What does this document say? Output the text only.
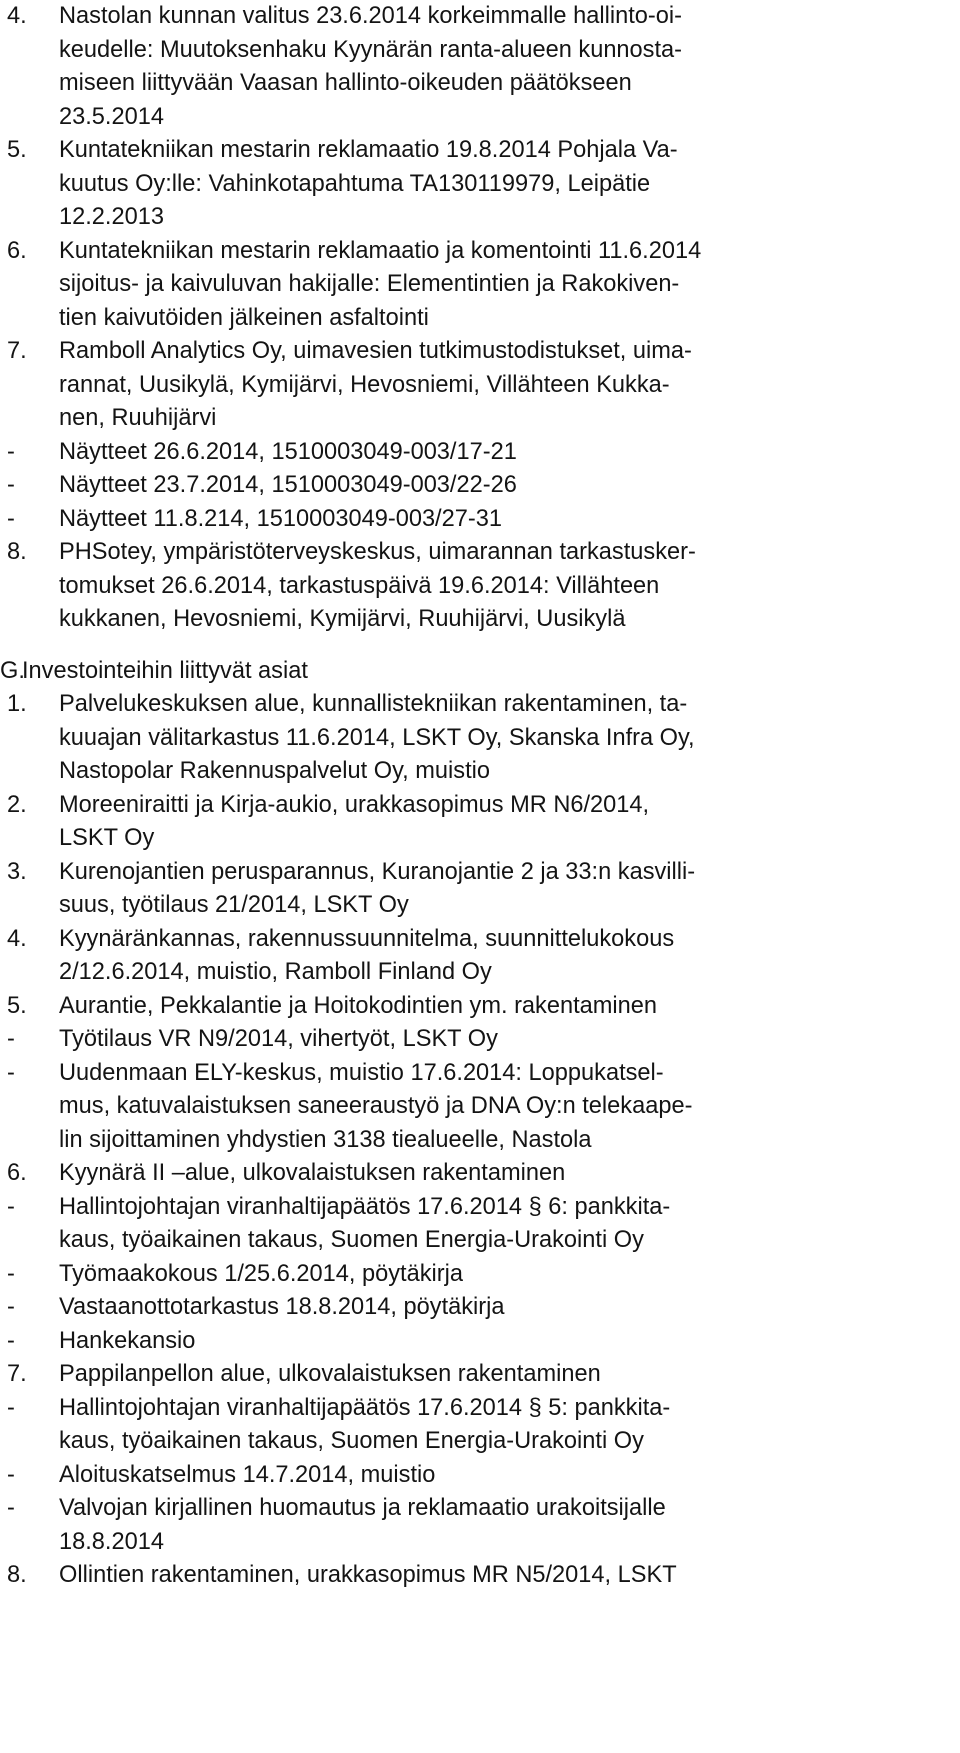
4.	Nastolan kunnan valitus 23.6.2014 korkeimmalle hallinto-oi-
keudelle: Muutoksenhaku Kyynärän ranta-alueen kunnosta-
miseen liittyvään Vaasan hallinto-oikeuden päätökseen
23.5.2014
5.	Kuntatekniikan mestarin reklamaatio 19.8.2014 Pohjala Va-
kuutus Oy:lle: Vahinkotapahtuma TA130119979, Leipätie
12.2.2013
6.	Kuntatekniikan mestarin reklamaatio ja komentointi 11.6.2014
sijoitus- ja kaivuluvan hakijalle: Elementintien ja Rakokiven-
tien kaivutöiden jälkeinen asfaltointi
7.	Ramboll Analytics Oy, uimavesien tutkimustodistukset, uima-
rannat, Uusikylä, Kymijärvi, Hevosniemi, Villähteen Kukka-
nen, Ruuhijärvi
-	Näytteet 26.6.2014, 1510003049-003/17-21
-	Näytteet 23.7.2014, 1510003049-003/22-26
-	Näytteet 11.8.214, 1510003049-003/27-31
8.	PHSotey, ympäristöterveyskeskus, uimarannan tarkastusker-
tomukset 26.6.2014, tarkastuspäivä 19.6.2014: Villähteen
kukkanen, Hevosniemi, Kymijärvi, Ruuhijärvi, Uusikylä
G.
Investointeihin liittyvät asiat
1.	Palvelukeskuksen alue, kunnallistekniikan rakentaminen, ta-
kuuajan välitarkastus 11.6.2014, LSKT Oy, Skanska Infra Oy,
Nastopolar Rakennuspalvelut Oy, muistio
2.	Moreeniraitti ja Kirja-aukio, urakkasopimus MR N6/2014,
LSKT Oy
3.	Kurenojantien perusparannus, Kuranojantie 2 ja 33:n kasvilli-
suus, työtilaus 21/2014, LSKT Oy
4.	Kyynäränkannas, rakennussuunnitelma, suunnittelukokous
2/12.6.2014, muistio, Ramboll Finland Oy
5.	Aurantie, Pekkalantie ja Hoitokodintien ym. rakentaminen
-	Työtilaus VR N9/2014, vihertyöt, LSKT Oy
-	Uudenmaan ELY-keskus, muistio 17.6.2014: Loppukatsel-
mus, katuvalaistuksen saneeraustyö ja DNA Oy:n telekaape-
lin sijoittaminen yhdystien 3138 tiealueelle, Nastola
6.	Kyynärä II –alue, ulkovalaistuksen rakentaminen
-	Hallintojohtajan viranhaltijapäätös 17.6.2014 § 6: pankkita-
kaus, työaikainen takaus, Suomen Energia-Urakointi Oy
-	Työmaakokous 1/25.6.2014, pöytäkirja
-	Vastaanottotarkastus 18.8.2014, pöytäkirja
-	Hankekansio
7.	Pappilanpellon alue, ulkovalaistuksen rakentaminen
-	Hallintojohtajan viranhaltijapäätös 17.6.2014 § 5: pankkita-
kaus, työaikainen takaus, Suomen Energia-Urakointi Oy
-	Aloituskatselmus 14.7.2014, muistio
-	Valvojan kirjallinen huomautus ja reklamaatio urakoitsijalle
18.8.2014
8.	Ollintien rakentaminen, urakkasopimus MR N5/2014, LSKT
